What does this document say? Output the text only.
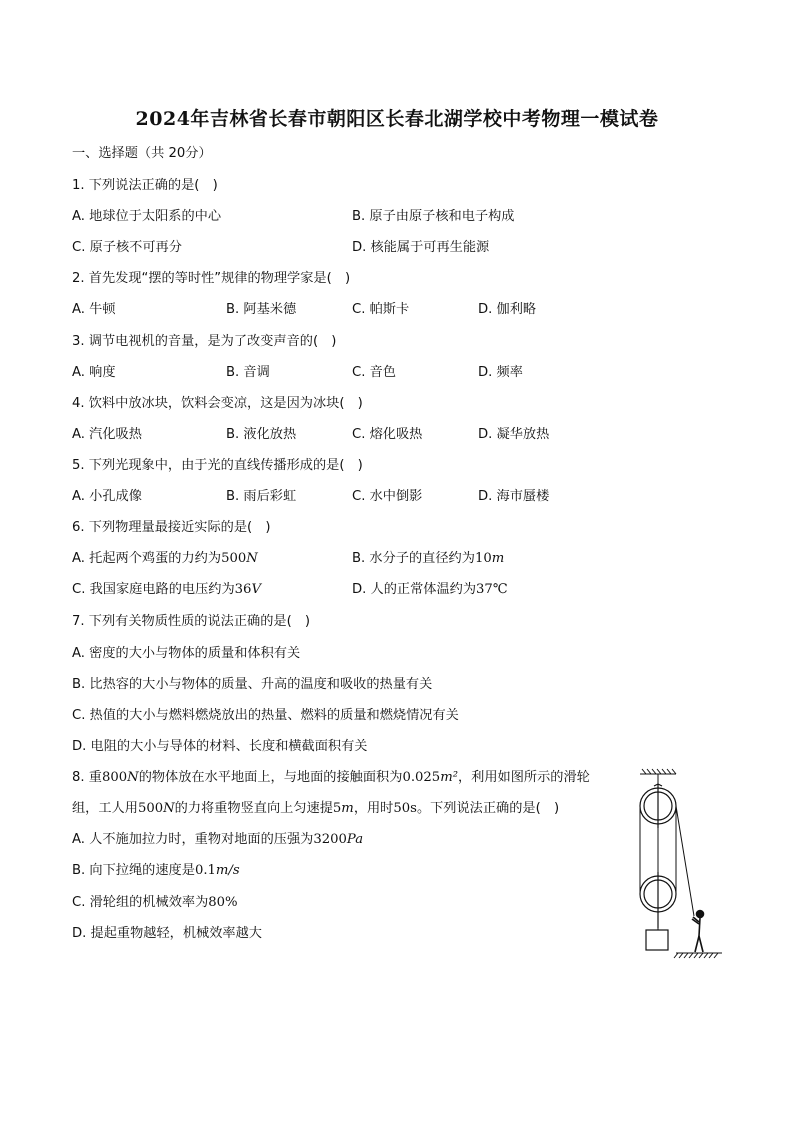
2024年吉林省长春市朝阳区长春北湖学校中考物理一模试卷
一、选择题（共 20分）
1. 下列说法正确的是(　)
A. 地球位于太阳系的中心	B. 原子由原子核和电子构成
C. 原子核不可再分	D. 核能属于可再生能源
2. 首先发现“摆的等时性”规律的物理学家是(　)
A. 牛顿	B. 阿基米德	C. 帕斯卡	D. 伽利略
3. 调节电视机的音量，是为了改变声音的(　)
A. 响度	B. 音调	C. 音色	D. 频率
4. 饮料中放冰块，饮料会变凉，这是因为冰块(　)
A. 汽化吸热	B. 液化放热	C. 熔化吸热	D. 凝华放热
5. 下列光现象中，由于光的直线传播形成的是(　)
A. 小孔成像	B. 雨后彩虹	C. 水中倒影	D. 海市蜃楼
6. 下列物理量最接近实际的是(　)
A. 托起两个鸡蛋的力约为500N	B. 水分子的直径约为10m
C. 我国家庭电路的电压约为36V	D. 人的正常体温约为37℃
7. 下列有关物质性质的说法正确的是(　)
A. 密度的大小与物体的质量和体积有关
B. 比热容的大小与物体的质量、升高的温度和吸收的热量有关
C. 热值的大小与燃料燃烧放出的热量、燃料的质量和燃烧情况有关
D. 电阻的大小与导体的材料、长度和横截面积有关
8. 重800N的物体放在水平地面上，与地面的接触面积为0.025m²，利用如图所示的滑轮
组，工人用500N的力将重物竖直向上匀速提5m，用时50s。下列说法正确的是(　)
A. 人不施加拉力时，重物对地面的压强为3200Pa
B. 向下拉绳的速度是0.1m/s
C. 滑轮组的机械效率为80%
D. 提起重物越轻，机械效率越大
